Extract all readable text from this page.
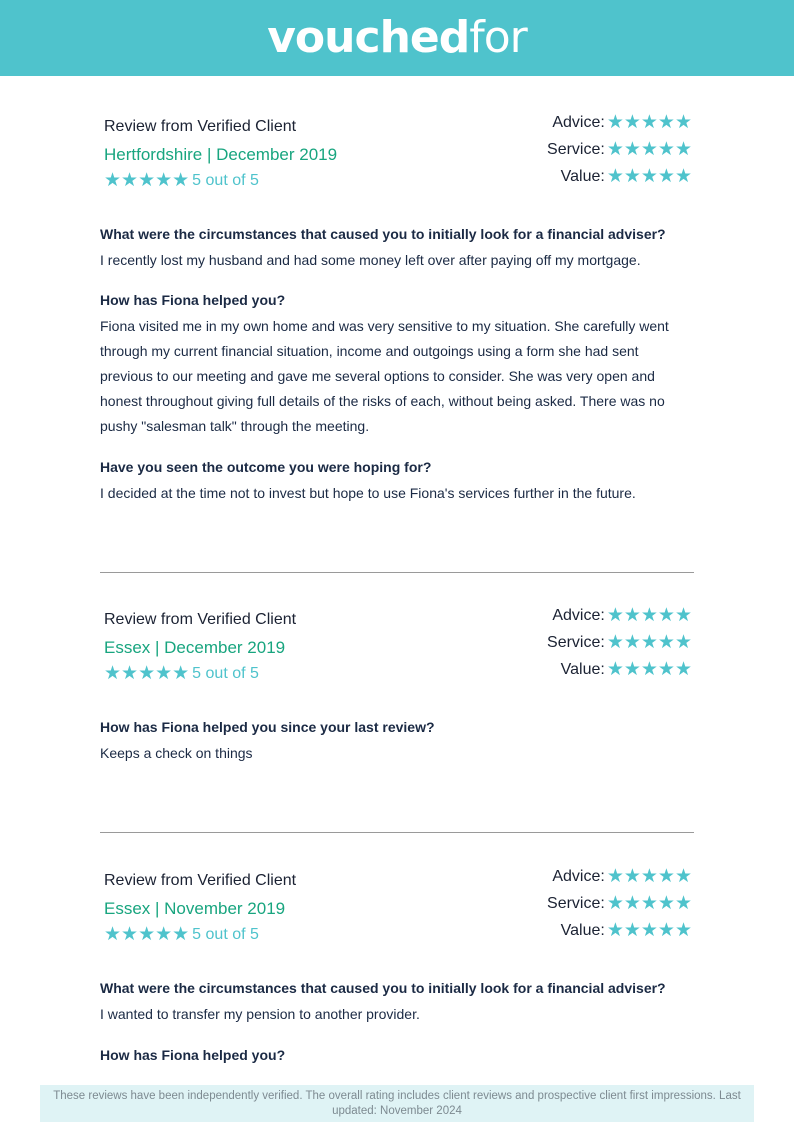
vouchedfor
Review from Verified Client
Hertfordshire | December 2019
★★★★★ 5 out of 5
Advice: ★★★★★
Service: ★★★★★
Value: ★★★★★
What were the circumstances that caused you to initially look for a financial adviser?
I recently lost my husband and had some money left over after paying off my mortgage.
How has Fiona helped you?
Fiona visited me in my own home and was very sensitive to my situation. She carefully went through my current financial situation, income and outgoings using a form she had sent previous to our meeting and gave me several options to consider. She was very open and honest throughout giving full details of the risks of each, without being asked. There was no pushy "salesman talk" through the meeting.
Have you seen the outcome you were hoping for?
I decided at the time not to invest but hope to use Fiona's services further in the future.
Review from Verified Client
Essex | December 2019
★★★★★ 5 out of 5
Advice: ★★★★★
Service: ★★★★★
Value: ★★★★★
How has Fiona helped you since your last review?
Keeps a check on things
Review from Verified Client
Essex | November 2019
★★★★★ 5 out of 5
Advice: ★★★★★
Service: ★★★★★
Value: ★★★★★
What were the circumstances that caused you to initially look for a financial adviser?
I wanted to transfer my pension to another provider.
How has Fiona helped you?
These reviews have been independently verified. The overall rating includes client reviews and prospective client first impressions. Last updated: November 2024
